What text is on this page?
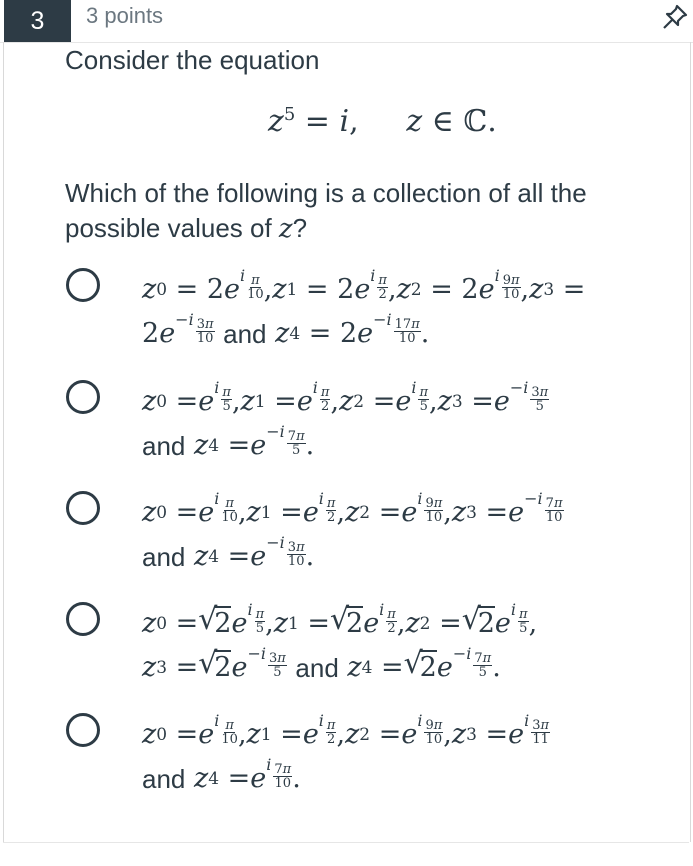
3	3 points
Consider the equation
$z^5 = i$,     z ∈ ℂ.
Which of the following is a collection of all the possible values of z?
z 0 = 2 e i $\frac{\pi}{10}$ , z 1 = 2 e i $\frac{\pi}{2}$ , z 2 = 2 e i $\frac{9\pi}{10}$ , z 3 =
2 e − i $\frac{3\pi}{10}$
and
z 4 = 2 e − i $\frac{17\pi}{10}$ .
z 0 = e i $\frac{\pi}{5}$ , z 1 = e i $\frac{\pi}{2}$ , z 2 = e i $\frac{\pi}{5}$ , z 3 = e − i $\frac{3\pi}{5}$
and
z 4 = e − i $\frac{7\pi}{5}$ .
z 0 = e i $\frac{\pi}{10}$ , z 1 = e i $\frac{\pi}{2}$ , z 2 = e i $\frac{9\pi}{10}$ , z 3 = e − i $\frac{7\pi}{10}$
and
z 4 = e − i $\frac{3\pi}{10}$ .
z 0 = √
2 e i $\frac{\pi}{5}$ , z 1 = √
2 e i $\frac{\pi}{2}$ , z 2 = √
2 e i $\frac{\pi}{5}$ ,
z 3 = √
2 e − i $\frac{3\pi}{5}$
and
z 4 = √
2 e − i $\frac{7\pi}{5}$ .
z 0 = e i $\frac{\pi}{10}$ , z 1 = e i $\frac{\pi}{2}$ , z 2 = e i $\frac{9\pi}{10}$ , z 3 = e i $\frac{3\pi}{11}$
and
z 4 = e i $\frac{7\pi}{10}$ .
